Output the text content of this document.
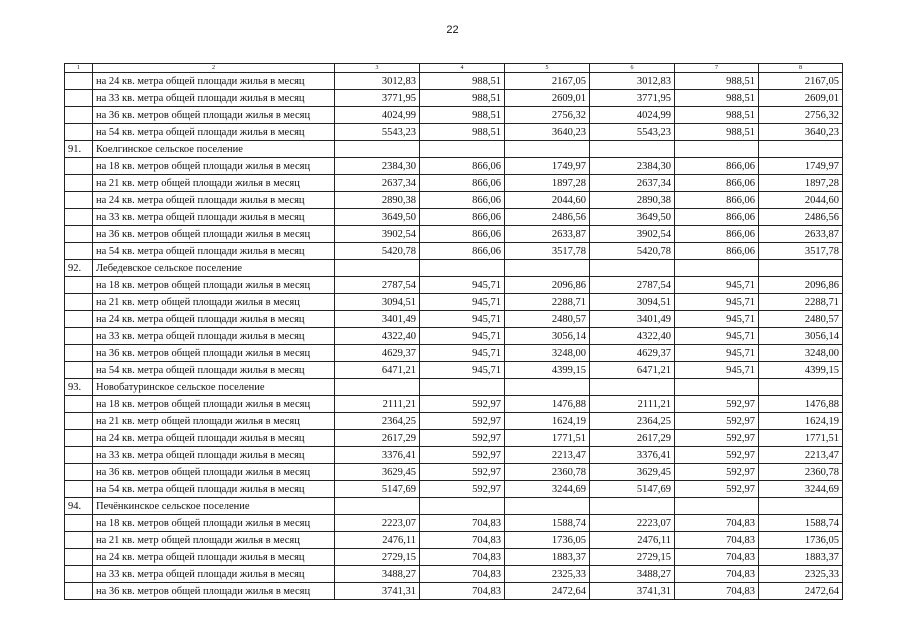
22
1	2	3	4	5	6	7	8
	на 24 кв. метра общей площади жилья в месяц	3012,83	988,51	2167,05	3012,83	988,51	2167,05
	на 33 кв. метра общей площади жилья в месяц	3771,95	988,51	2609,01	3771,95	988,51	2609,01
	на 36 кв. метров общей площади жилья в месяц	4024,99	988,51	2756,32	4024,99	988,51	2756,32
	на 54 кв. метра общей площади жилья в месяц	5543,23	988,51	3640,23	5543,23	988,51	3640,23
91.	Коелгинское сельское поселение						
	на 18 кв. метров общей площади жилья в месяц	2384,30	866,06	1749,97	2384,30	866,06	1749,97
	на 21 кв. метр общей площади жилья в месяц	2637,34	866,06	1897,28	2637,34	866,06	1897,28
	на 24 кв. метра общей площади жилья в месяц	2890,38	866,06	2044,60	2890,38	866,06	2044,60
	на 33 кв. метра общей площади жилья в месяц	3649,50	866,06	2486,56	3649,50	866,06	2486,56
	на 36 кв. метров общей площади жилья в месяц	3902,54	866,06	2633,87	3902,54	866,06	2633,87
	на 54 кв. метра общей площади жилья в месяц	5420,78	866,06	3517,78	5420,78	866,06	3517,78
92.	Лебедевское сельское поселение						
	на 18 кв. метров общей площади жилья в месяц	2787,54	945,71	2096,86	2787,54	945,71	2096,86
	на 21 кв. метр общей площади жилья в месяц	3094,51	945,71	2288,71	3094,51	945,71	2288,71
	на 24 кв. метра общей площади жилья в месяц	3401,49	945,71	2480,57	3401,49	945,71	2480,57
	на 33 кв. метра общей площади жилья в месяц	4322,40	945,71	3056,14	4322,40	945,71	3056,14
	на 36 кв. метров общей площади жилья в месяц	4629,37	945,71	3248,00	4629,37	945,71	3248,00
	на 54 кв. метра общей площади жилья в месяц	6471,21	945,71	4399,15	6471,21	945,71	4399,15
93.	Новобатуринское сельское поселение						
	на 18 кв. метров общей площади жилья в месяц	2111,21	592,97	1476,88	2111,21	592,97	1476,88
	на 21 кв. метр общей площади жилья в месяц	2364,25	592,97	1624,19	2364,25	592,97	1624,19
	на 24 кв. метра общей площади жилья в месяц	2617,29	592,97	1771,51	2617,29	592,97	1771,51
	на 33 кв. метра общей площади жилья в месяц	3376,41	592,97	2213,47	3376,41	592,97	2213,47
	на 36 кв. метров общей площади жилья в месяц	3629,45	592,97	2360,78	3629,45	592,97	2360,78
	на 54 кв. метра общей площади жилья в месяц	5147,69	592,97	3244,69	5147,69	592,97	3244,69
94.	Печёнкинское сельское поселение						
	на 18 кв. метров общей площади жилья в месяц	2223,07	704,83	1588,74	2223,07	704,83	1588,74
	на 21 кв. метр общей площади жилья в месяц	2476,11	704,83	1736,05	2476,11	704,83	1736,05
	на 24 кв. метра общей площади жилья в месяц	2729,15	704,83	1883,37	2729,15	704,83	1883,37
	на 33 кв. метра общей площади жилья в месяц	3488,27	704,83	2325,33	3488,27	704,83	2325,33
	на 36 кв. метров общей площади жилья в месяц	3741,31	704,83	2472,64	3741,31	704,83	2472,64
